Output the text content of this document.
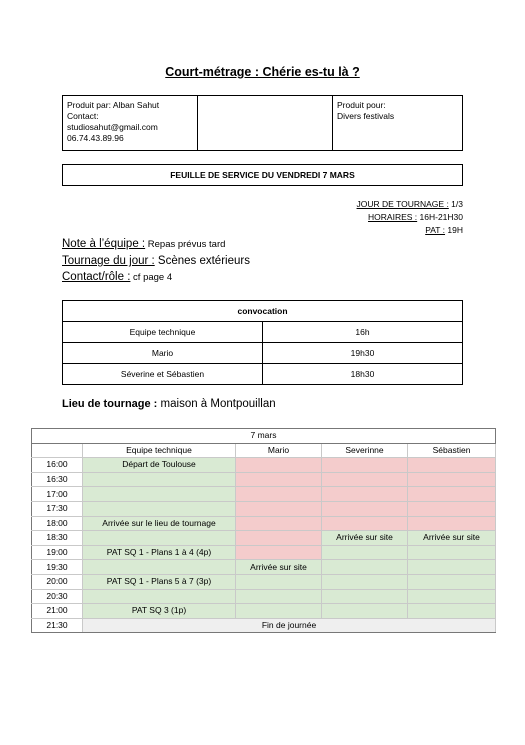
Court-métrage : Chérie es-tu là ?
Produit par: Alban Sahut
Contact:
studiosahut@gmail.com
06.74.43.89.96
Produit pour:
Divers festivals
FEUILLE DE SERVICE DU VENDREDI 7 MARS
JOUR DE TOURNAGE : 1/3
HORAIRES : 16H-21H30
PAT : 19H
Note à l’équipe : Repas prévus tard
Tournage du jour : Scènes extérieurs
Contact/rôle : cf page 4
convocation	
Equipe technique	16h
Mario	19h30
Séverine et Sébastien	18h30
Lieu de tournage : maison à Montpouillan
7 mars				
	Equipe technique	Mario	Severinne	Sébastien
16:00	Départ de Toulouse			
16:30				
17:00				
17:30				
18:00	Arrivée sur le lieu de tournage			
18:30			Arrivée sur site	Arrivée sur site
19:00	PAT SQ 1 - Plans 1 à 4 (4p)			
19:30		Arrivée sur site		
20:00	PAT SQ 1 - Plans 5 à 7 (3p)			
20:30				
21:00	PAT SQ 3 (1p)			
21:30	Fin de journée			
